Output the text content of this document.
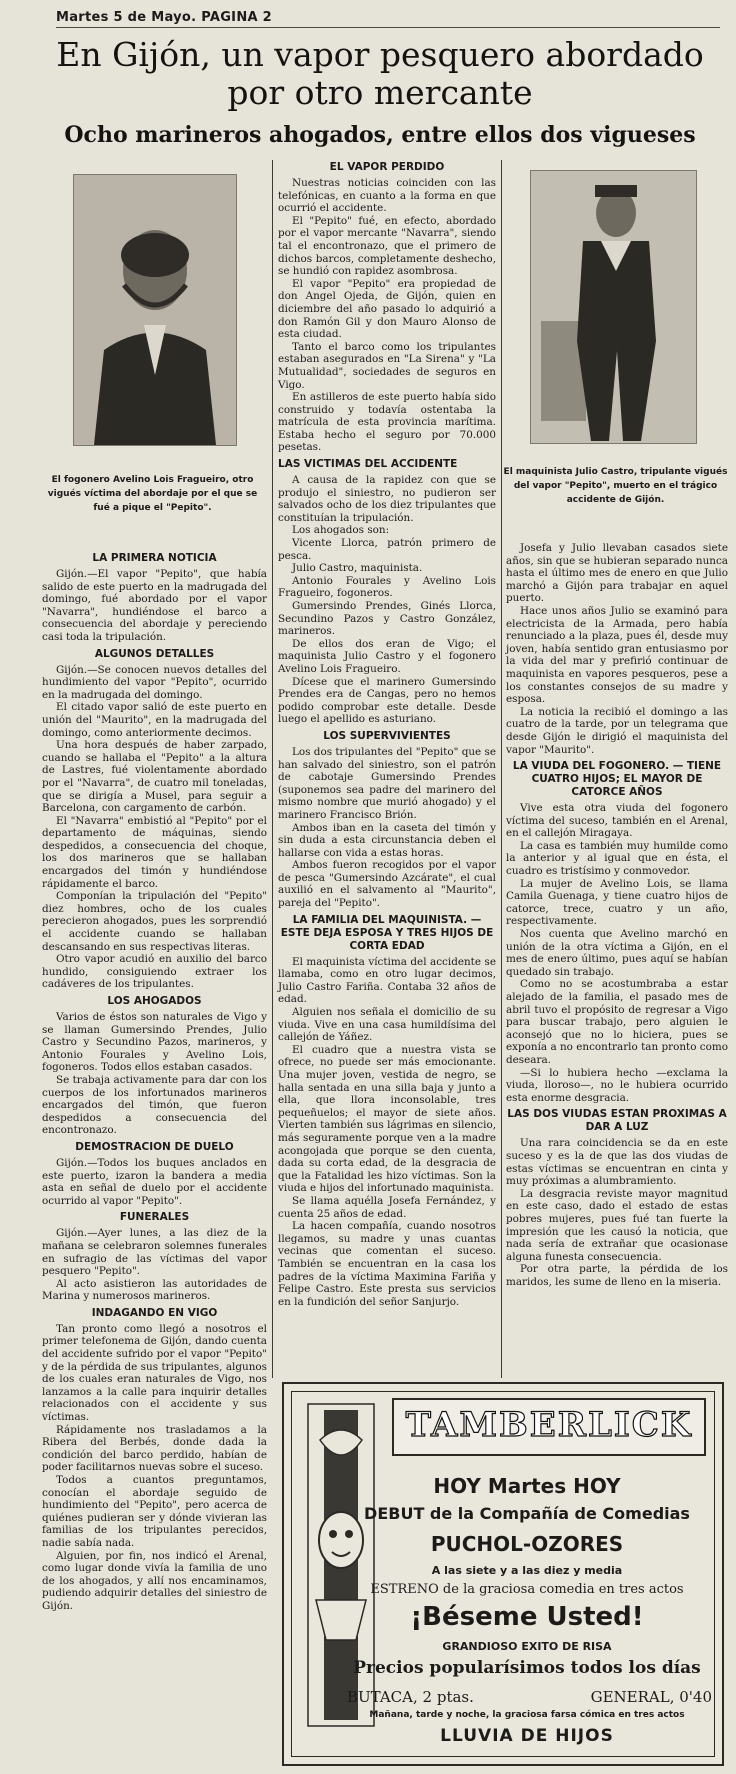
Martes 5 de Mayo. PAGINA 2
En Gijón, un vapor pesquero abordado por otro mercante
Ocho marineros ahogados, entre ellos dos vigueses
El fogonero Avelino Lois Fragueiro, otro vigués víctima del abordaje por el que se fué a pique el "Pepito".
El maquinista Julio Castro, tripulante vigués del vapor "Pepito", muerto en el trágico accidente de Gijón.
LA PRIMERA NOTICIA

Gijón.—El vapor "Pepito", que había salido de este puerto en la madrugada del domingo, fué abordado por el vapor "Navarra", hundiéndose el barco a consecuencia del abordaje y pereciendo casi toda la tripulación.

ALGUNOS DETALLES

Gijón.—Se conocen nuevos detalles del hundimiento del vapor "Pepito", ocurrido en la madrugada del domingo.

El citado vapor salió de este puerto en unión del "Maurito", en la madrugada del domingo, como anteriormente decimos.

Una hora después de haber zarpado, cuando se hallaba el "Pepito" a la altura de Lastres, fué violentamente abordado por el "Navarra", de cuatro mil toneladas, que se dirigía a Musel, para seguir a Barcelona, con cargamento de carbón.

El "Navarra" embistió al "Pepito" por el departamento de máquinas, siendo despedidos, a consecuencia del choque, los dos marineros que se hallaban encargados del timón y hundiéndose rápidamente el barco.

Componían la tripulación del "Pepito" diez hombres, ocho de los cuales perecieron ahogados, pues les sorprendió el accidente cuando se hallaban descansando en sus respectivas literas.

Otro vapor acudió en auxilio del barco hundido, consiguiendo extraer los cadáveres de los tripulantes.

LOS AHOGADOS

Varios de éstos son naturales de Vigo y se llaman Gumersindo Prendes, Julio Castro y Secundino Pazos, marineros, y Antonio Fourales y Avelino Lois, fogoneros. Todos ellos estaban casados.

Se trabaja activamente para dar con los cuerpos de los infortunados marineros encargados del timón, que fueron despedidos a consecuencia del encontronazo.

DEMOSTRACION DE DUELO

Gijón.—Todos los buques anclados en este puerto, izaron la bandera a media asta en señal de duelo por el accidente ocurrido al vapor "Pepito".

FUNERALES

Gijón.—Ayer lunes, a las diez de la mañana se celebraron solemnes funerales en sufragio de las víctimas del vapor pesquero "Pepito".

Al acto asistieron las autoridades de Marina y numerosos marineros.

INDAGANDO EN VIGO

Tan pronto como llegó a nosotros el primer telefonema de Gijón, dando cuenta del accidente sufrido por el vapor "Pepito" y de la pérdida de sus tripulantes, algunos de los cuales eran naturales de Vigo, nos lanzamos a la calle para inquirir detalles relacionados con el accidente y sus víctimas.

Rápidamente nos trasladamos a la Ribera del Berbés, donde dada la condición del barco perdido, habían de poder facilitarnos nuevas sobre el suceso.

Todos a cuantos preguntamos, conocían el abordaje seguido de hundimiento del "Pepito", pero acerca de quiénes pudieran ser y dónde vivieran las familias de los tripulantes perecidos, nadie sabía nada.

Alguien, por fin, nos indicó el Arenal, como lugar donde vivía la familia de uno de los ahogados, y allí nos encaminamos, pudiendo adquirir detalles del siniestro de Gijón.

EL VAPOR PERDIDO

Nuestras noticias coinciden con las telefónicas, en cuanto a la forma en que ocurrió el accidente.

El "Pepito" fué, en efecto, abordado por el vapor mercante "Navarra", siendo tal el encontronazo, que el primero de dichos barcos, completamente deshecho, se hundió con rapidez asombrosa.

El vapor "Pepito" era propiedad de don Angel Ojeda, de Gijón, quien en diciembre del año pasado lo adquirió a don Ramón Gil y don Mauro Alonso de esta ciudad.

Tanto el barco como los tripulantes estaban asegurados en "La Sirena" y "La Mutualidad", sociedades de seguros en Vigo.

En astilleros de este puerto había sido construido y todavía ostentaba la matrícula de esta provincia marítima. Estaba hecho el seguro por 70.000 pesetas.

LAS VICTIMAS DEL ACCIDENTE

A causa de la rapidez con que se produjo el siniestro, no pudieron ser salvados ocho de los diez tripulantes que constituían la tripulación.

Los ahogados son:

Vicente Llorca, patrón primero de pesca.

Julio Castro, maquinista.

Antonio Fourales y Avelino Lois Fragueiro, fogoneros.

Gumersindo Prendes, Ginés Llorca, Secundino Pazos y Castro González, marineros.

De ellos dos eran de Vigo; el maquinista Julio Castro y el fogonero Avelino Lois Fragueiro.

Dícese que el marinero Gumersindo Prendes era de Cangas, pero no hemos podido comprobar este detalle. Desde luego el apellido es asturiano.

LOS SUPERVIVIENTES

Los dos tripulantes del "Pepito" que se han salvado del siniestro, son el patrón de cabotaje Gumersindo Prendes (suponemos sea padre del marinero del mismo nombre que murió ahogado) y el marinero Francisco Brión.

Ambos iban en la caseta del timón y sin duda a esta circunstancia deben el hallarse con vida a estas horas.

Ambos fueron recogidos por el vapor de pesca "Gumersindo Azcárate", el cual auxilió en el salvamento al "Maurito", pareja del "Pepito".

LA FAMILIA DEL MAQUINISTA. — ESTE DEJA ESPOSA Y TRES HIJOS DE CORTA EDAD

El maquinista víctima del accidente se llamaba, como en otro lugar decimos, Julio Castro Fariña. Contaba 32 años de edad.

Alguien nos señala el domicilio de su viuda. Vive en una casa humildísima del callejón de Yáñez.

El cuadro que a nuestra vista se ofrece, no puede ser más emocionante. Una mujer joven, vestida de negro, se halla sentada en una silla baja y junto a ella, que llora inconsolable, tres pequeñuelos; el mayor de siete años. Vierten también sus lágrimas en silencio, más seguramente porque ven a la madre acongojada que porque se den cuenta, dada su corta edad, de la desgracia de que la Fatalidad les hizo víctimas. Son la viuda e hijos del infortunado maquinista.

Se llama aquélla Josefa Fernández, y cuenta 25 años de edad.

La hacen compañía, cuando nosotros llegamos, su madre y unas cuantas vecinas que comentan el suceso. También se encuentran en la casa los padres de la víctima Maximina Fariña y Felipe Castro. Este presta sus servicios en la fundición del señor Sanjurjo.

Josefa y Julio llevaban casados siete años, sin que se hubieran separado nunca hasta el último mes de enero en que Julio marchó a Gijón para trabajar en aquel puerto.

Hace unos años Julio se examinó para electricista de la Armada, pero había renunciado a la plaza, pues él, desde muy joven, había sentido gran entusiasmo por la vida del mar y prefirió continuar de maquinista en vapores pesqueros, pese a los constantes consejos de su madre y esposa.

La noticia la recibió el domingo a las cuatro de la tarde, por un telegrama que desde Gijón le dirigió el maquinista del vapor "Maurito".

LA VIUDA DEL FOGONERO. — TIENE CUATRO HIJOS; EL MAYOR DE CATORCE AÑOS

Vive esta otra viuda del fogonero víctima del suceso, también en el Arenal, en el callejón Miragaya.

La casa es también muy humilde como la anterior y al igual que en ésta, el cuadro es tristísimo y conmovedor.

La mujer de Avelino Lois, se llama Camila Guenaga, y tiene cuatro hijos de catorce, trece, cuatro y un año, respectivamente.

Nos cuenta que Avelino marchó en unión de la otra víctima a Gijón, en el mes de enero último, pues aquí se habían quedado sin trabajo.

Como no se acostumbraba a estar alejado de la familia, el pasado mes de abril tuvo el propósito de regresar a Vigo para buscar trabajo, pero alguien le aconsejó que no lo hiciera, pues se exponía a no encontrarlo tan pronto como deseara.

—Si lo hubiera hecho —exclama la viuda, lloroso—, no le hubiera ocurrido esta enorme desgracia.

LAS DOS VIUDAS ESTAN PROXIMAS A DAR A LUZ

Una rara coincidencia se da en este suceso y es la de que las dos viudas de estas víctimas se encuentran en cinta y muy próximas a alumbramiento.

La desgracia reviste mayor magnitud en este caso, dado el estado de estas pobres mujeres, pues fué tan fuerte la impresión que les causó la noticia, que nada sería de extrañar que ocasionase alguna funesta consecuencia.

Por otra parte, la pérdida de los maridos, les sume de lleno en la miseria.

TAMBERLICK
HOY Martes HOY
DEBUT de la Compañía de Comedias
PUCHOL-OZORES
A las siete y a las diez y media
ESTRENO de la graciosa comedia en tres actos
¡Béseme Usted!
GRANDIOSO EXITO DE RISA
Precios popularísimos todos los días
BUTACA, 2 ptas.	GENERAL, 0'40
Mañana, tarde y noche, la graciosa farsa cómica en tres actos
LLUVIA DE HIJOS
